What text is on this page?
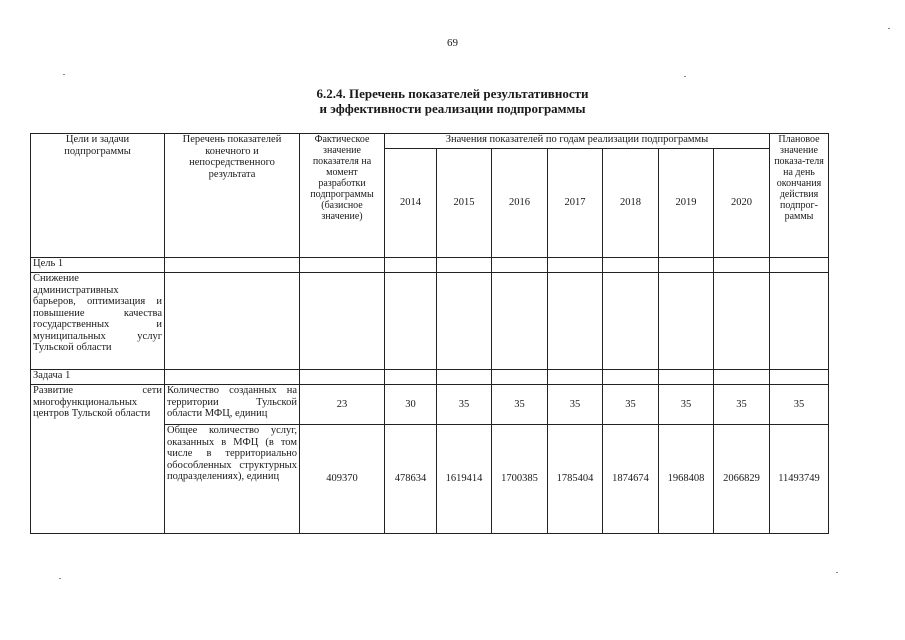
69
6.2.4. Перечень показателей результативности
и эффективности реализации подпрограммы
Цели и задачи подпрограммы	Перечень показателей конечного и непосредственного результата	Фактическое значение показателя на момент разработки подпрограммы (базисное значение)	Значения показателей по годам реализации подпрограммы							Плановое значение показа-теля на день окончания действия подпрог-раммы
			2014	2015	2016	2017	2018	2019	2020	
Цель 1										
Снижение административных барьеров, оптимизация и повышение качества государственных и муниципальных услуг Тульской области										
Задача 1										
Развитие сети многофункциональных центров Тульской области	Количество созданных на территории Тульской области МФЦ, единиц	23	30	35	35	35	35	35	35	35
	Общее количество услуг, оказанных в МФЦ (в том числе в территориально обособленных структурных подразделениях), единиц	409370	478634	1619414	1700385	1785404	1874674	1968408	2066829	11493749
